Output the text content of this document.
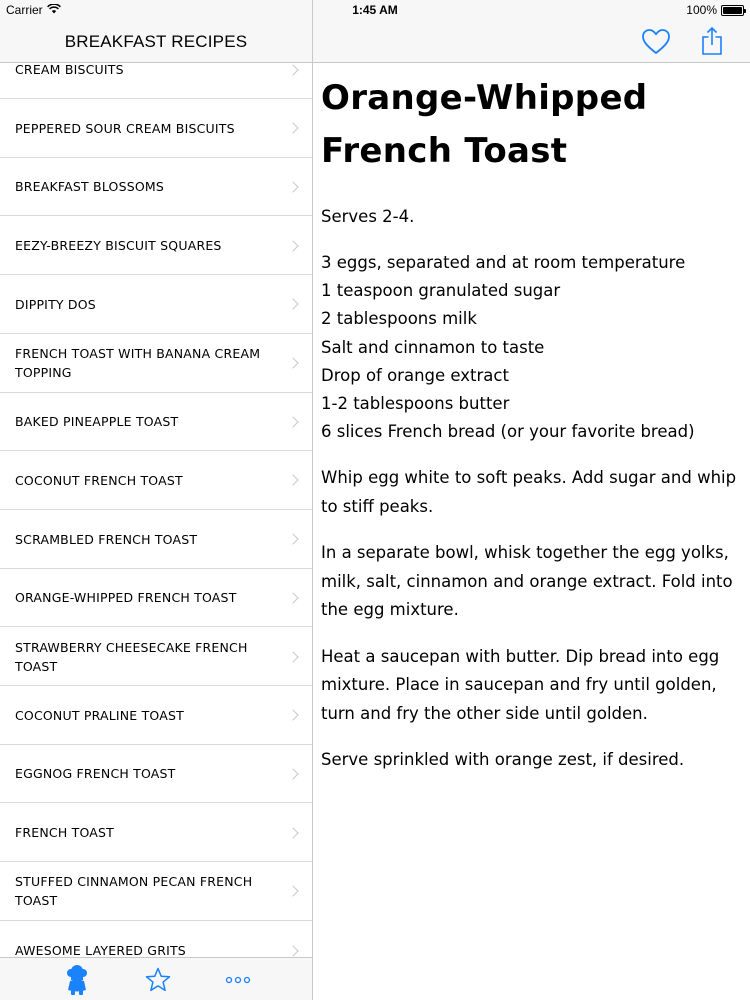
Carrier	1:45 AM	100%
BREAKFAST RECIPES
CREAM BISCUITS
PEPPERED SOUR CREAM BISCUITS
BREAKFAST BLOSSOMS
EEZY-BREEZY BISCUIT SQUARES
DIPPITY DOS
FRENCH TOAST WITH BANANA CREAM TOPPING
BAKED PINEAPPLE TOAST
COCONUT FRENCH TOAST
SCRAMBLED FRENCH TOAST
ORANGE-WHIPPED FRENCH TOAST
STRAWBERRY CHEESECAKE FRENCH TOAST
COCONUT PRALINE TOAST
EGGNOG FRENCH TOAST
FRENCH TOAST
STUFFED CINNAMON PECAN FRENCH TOAST
AWESOME LAYERED GRITS
Orange-Whipped
French Toast
Serves 2-4.
3 eggs, separated and at room temperature
1 teaspoon granulated sugar
2 tablespoons milk
Salt and cinnamon to taste
Drop of orange extract
1-2 tablespoons butter
6 slices French bread (or your favorite bread)
Whip egg white to soft peaks. Add sugar and whip to stiff peaks.
In a separate bowl, whisk together the egg yolks, milk, salt, cinnamon and orange extract. Fold into the egg mixture.
Heat a saucepan with butter. Dip bread into egg mixture. Place in saucepan and fry until golden, turn and fry the other side until golden.
Serve sprinkled with orange zest, if desired.
